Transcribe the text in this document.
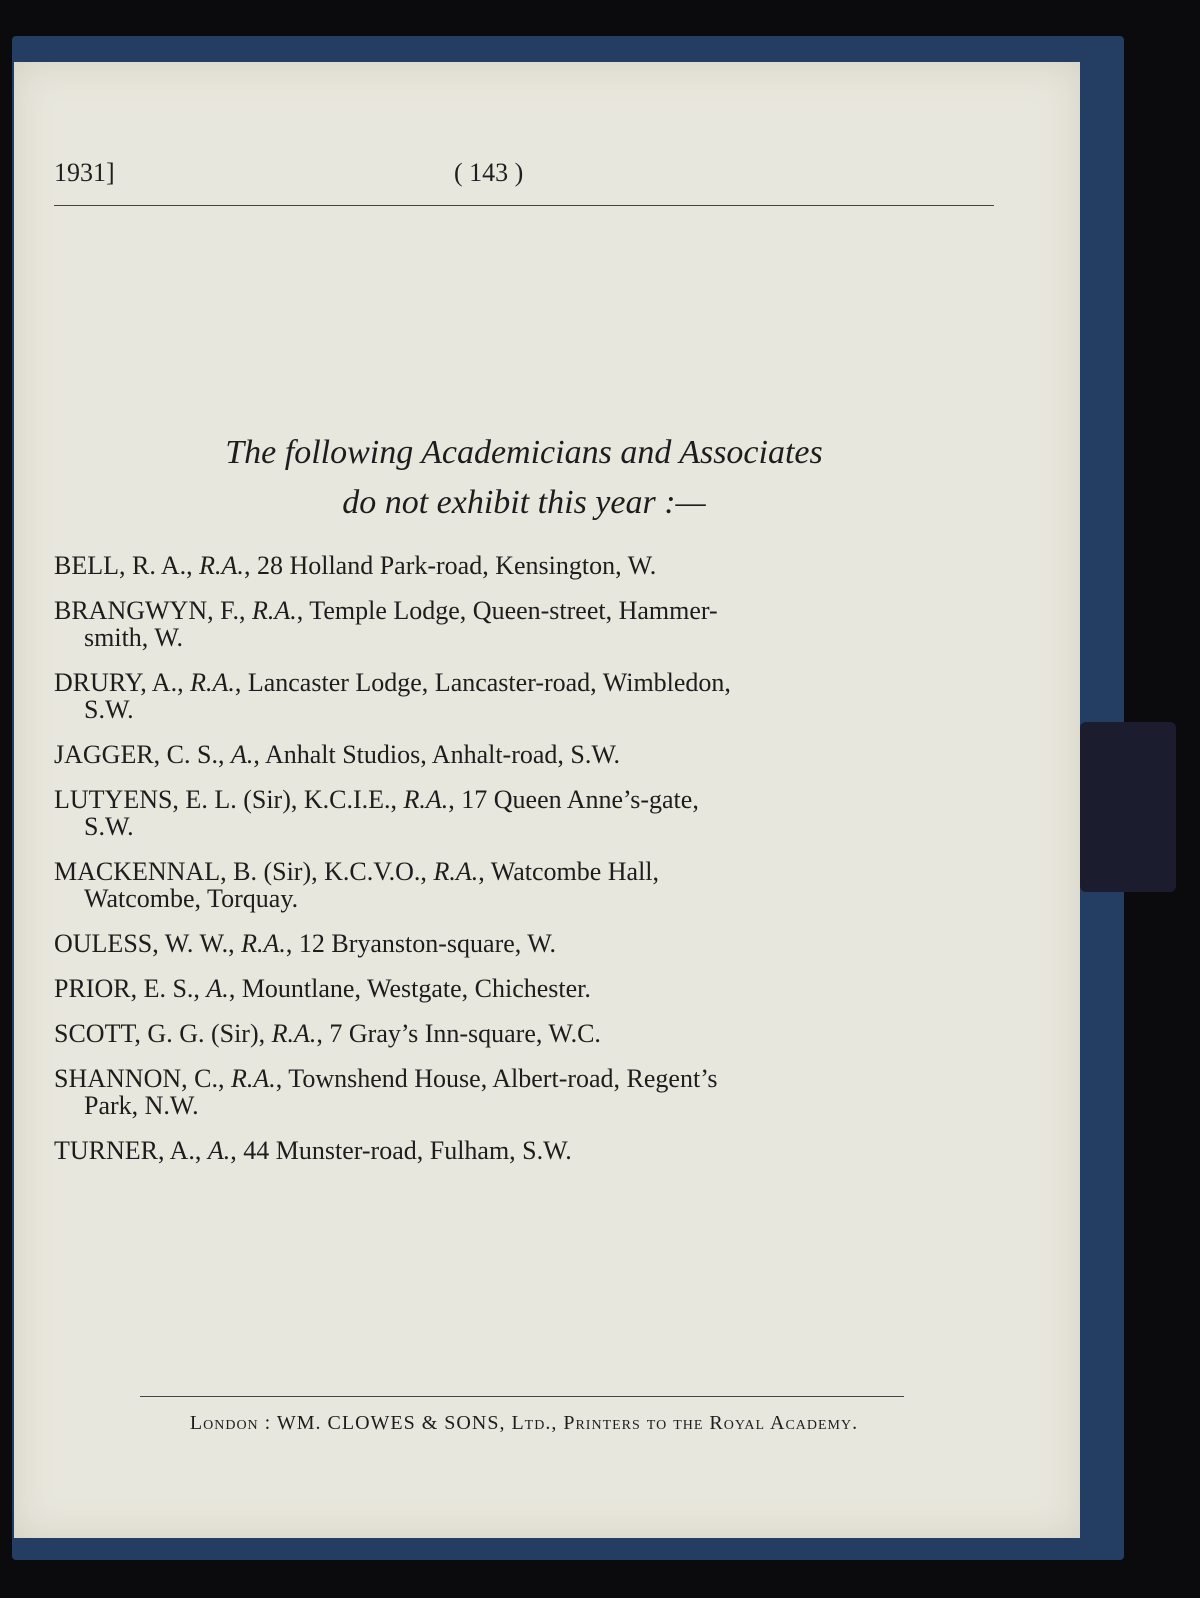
1931]	( 143 )
The following Academicians and Associates
do not exhibit this year :—
BELL, R. A., R.A., 28 Holland Park-road, Kensington, W.
BRANGWYN, F., R.A., Temple Lodge, Queen-street, Hammer-
smith, W.
DRURY, A., R.A., Lancaster Lodge, Lancaster-road, Wimbledon,
S.W.
JAGGER, C. S., A., Anhalt Studios, Anhalt-road, S.W.
LUTYENS, E. L. (Sir), K.C.I.E., R.A., 17 Queen Anne’s-gate,
S.W.
MACKENNAL, B. (Sir), K.C.V.O., R.A., Watcombe Hall,
Watcombe, Torquay.
OULESS, W. W., R.A., 12 Bryanston-square, W.
PRIOR, E. S., A., Mountlane, Westgate, Chichester.
SCOTT, G. G. (Sir), R.A., 7 Gray’s Inn-square, W.C.
SHANNON, C., R.A., Townshend House, Albert-road, Regent’s
Park, N.W.
TURNER, A., A., 44 Munster-road, Fulham, S.W.
London : WM. CLOWES & SONS, Ltd., Printers to the Royal Academy.
